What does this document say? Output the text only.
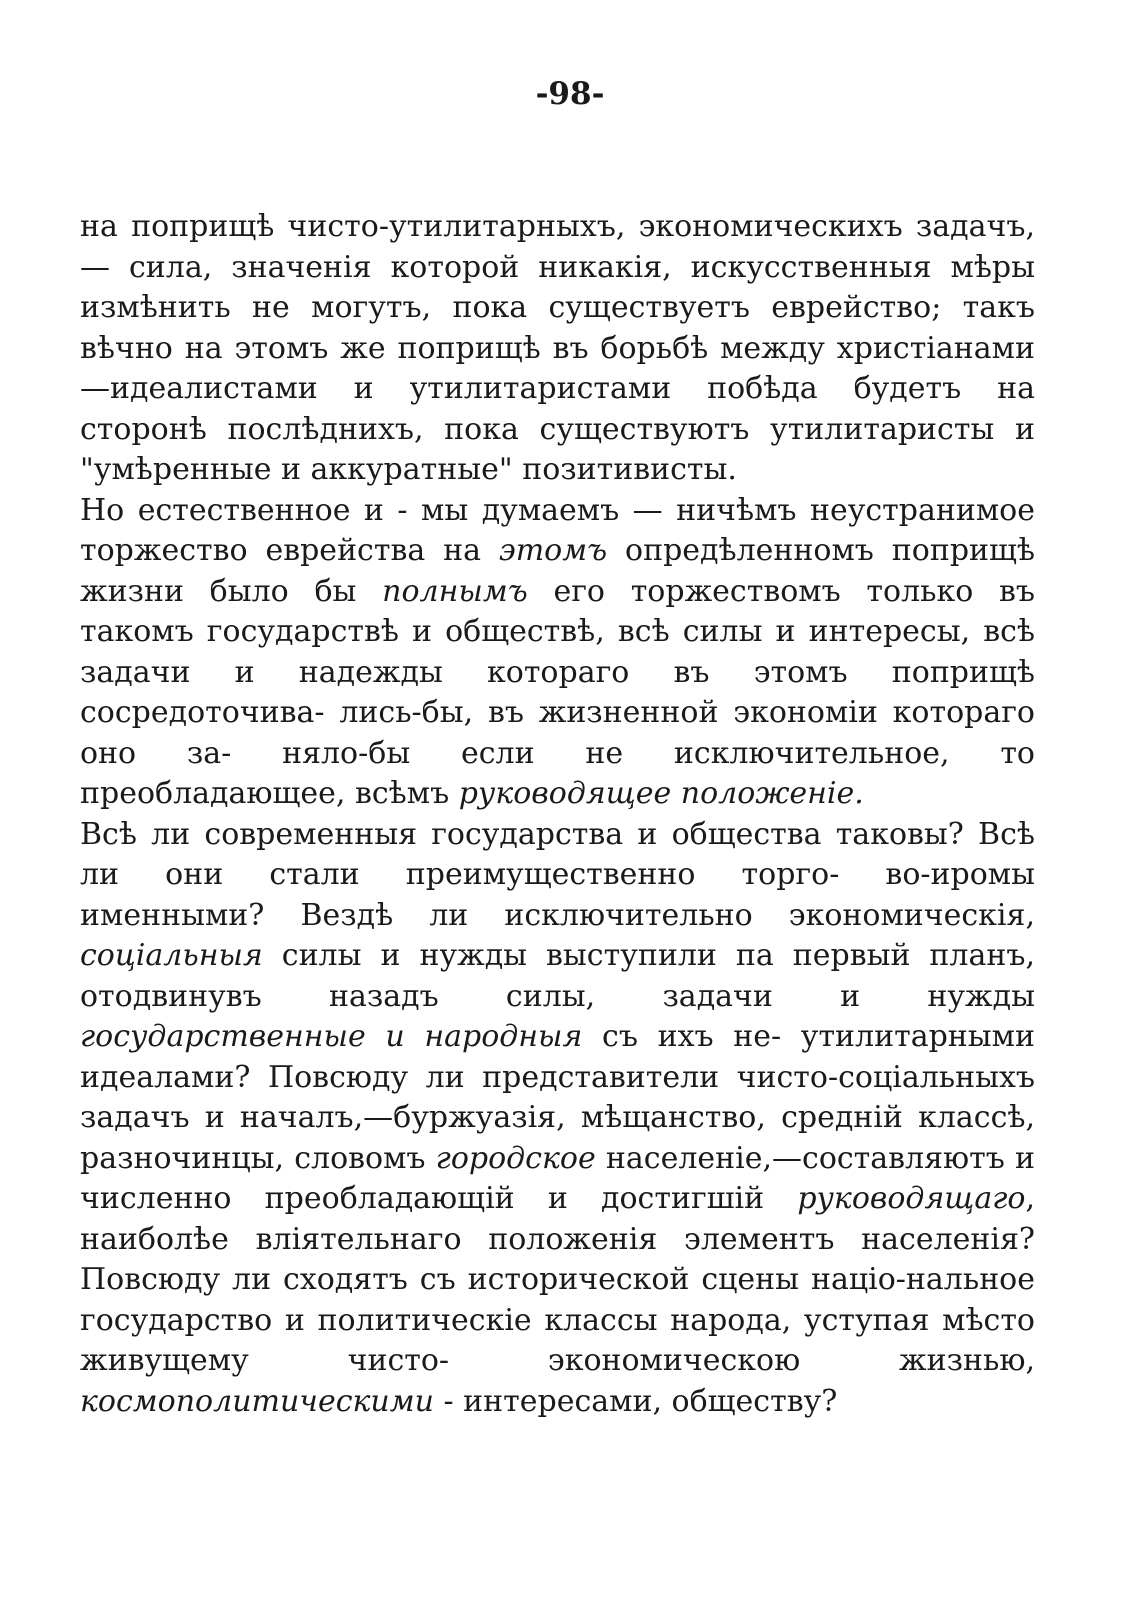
-98-

на поприщѣ чисто-утилитарныхъ, экономическихъ задачъ, — сила, значенія которой никакія, искусственныя мѣры измѣнить не могутъ, пока существуетъ еврейство; такъ вѣчно на этомъ же поприщѣ въ борьбѣ между христіанами—идеалистами и утилитаристами побѣда будетъ на сторонѣ послѣднихъ, пока существуютъ утилитаристы и "умѣренные и аккуратные" позитивисты.

Но естественное и - мы думаемъ — ничѣмъ неустранимое торжество еврейства на этомъ опредѣленномъ поприщѣ жизни было бы полнымъ его торжествомъ только въ такомъ государствѣ и обществѣ, всѣ силы и интересы, всѣ задачи и надежды котораго въ этомъ поприщѣ сосредоточива- лись-бы, въ жизненной экономіи котораго оно за- няло-бы если не исключительное, то преобладающее, всѣмъ руководящее положеніе.

Всѣ ли современныя государства и общества таковы? Всѣ ли они стали преимущественно торго- во-иромы именными? Вездѣ ли исключительно экономическія, соціальныя силы и нужды выступили па первый планъ, отодвинувъ назадъ силы, задачи и нужды государственные и народныя съ ихъ не- утилитарными идеалами? Повсюду ли представители чисто-соціальныхъ задачъ и началъ,—буржуазія, мѣщанство, средній классѣ, разночинцы, словомъ городское населеніе,—составляютъ и численно преобладающій и достигшій руководящаго, наиболѣе вліятельнаго положенія элементъ населенія? Повсюду ли сходятъ съ исторической сцены націо-нальное государство и политическіе классы народа, уступая мѣсто живущему чисто- экономическою жизнью, космополитическими - интересами, обществу?
